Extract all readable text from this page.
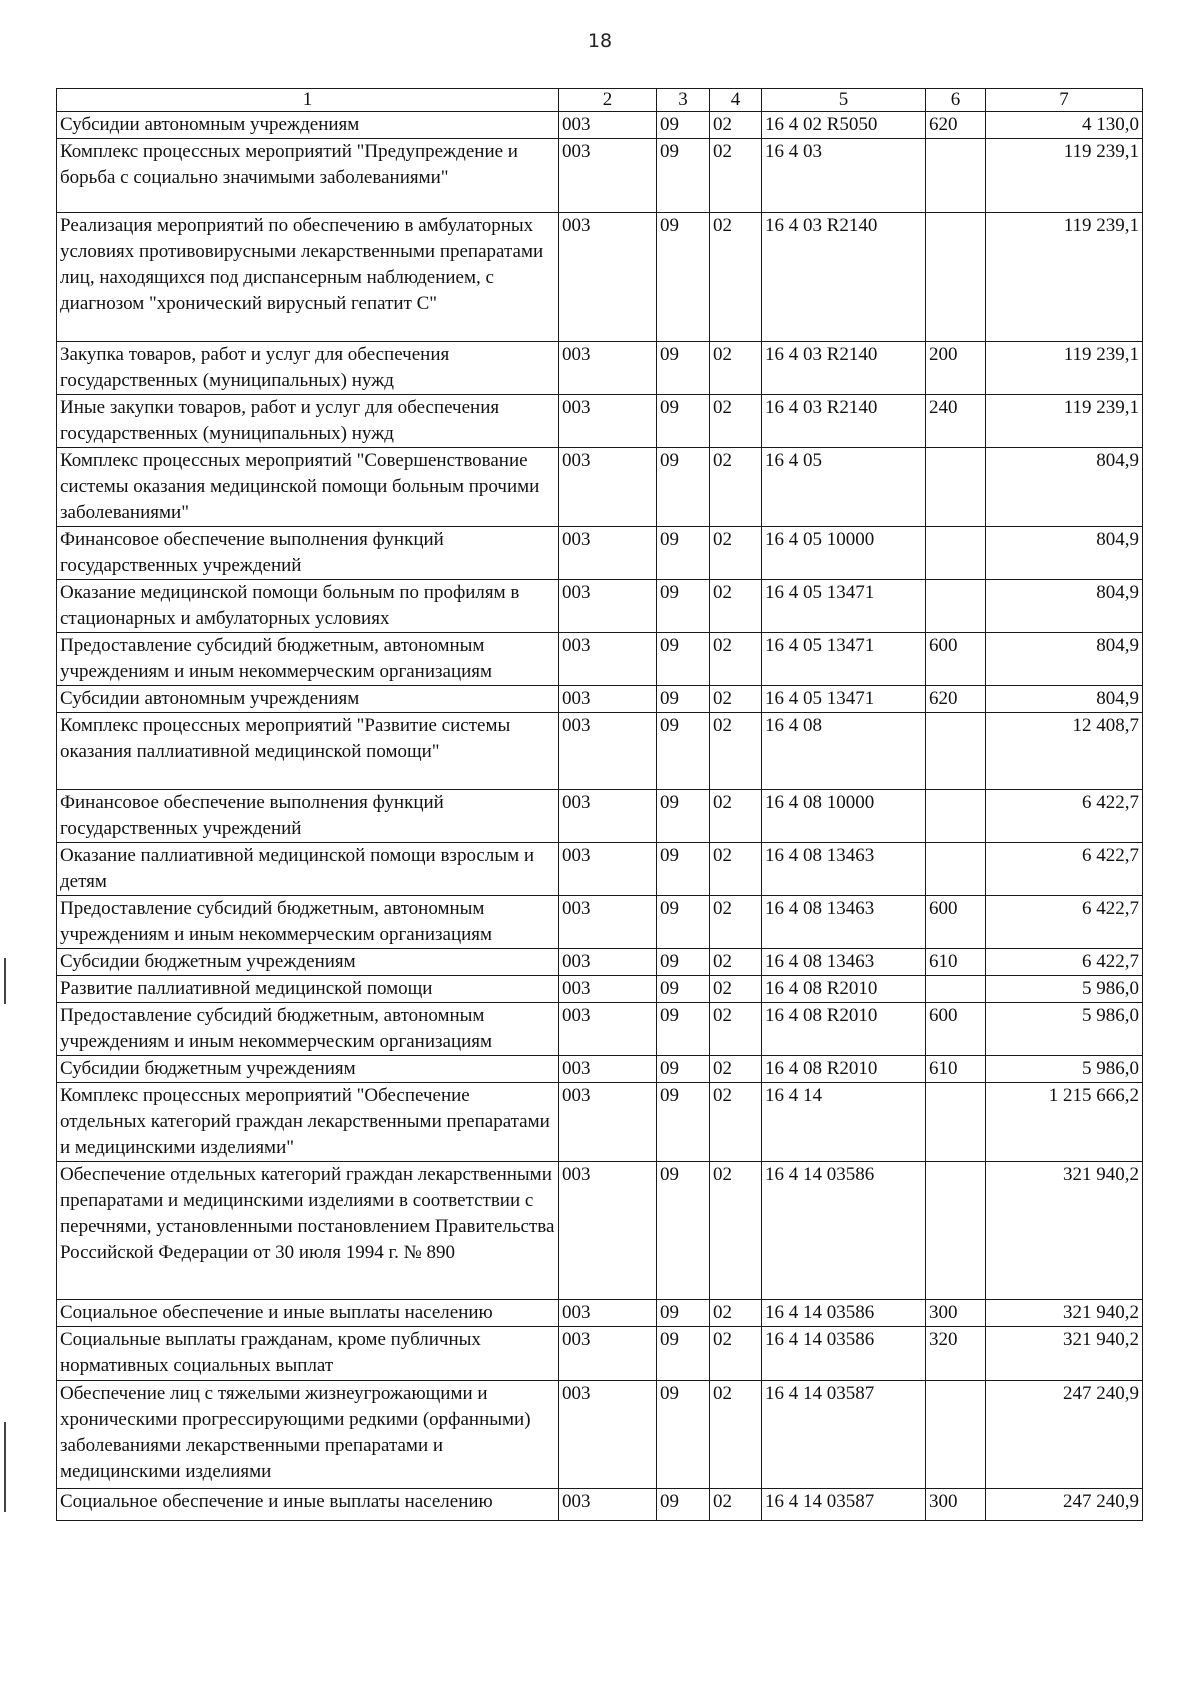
18
1	2	3	4	5	6	7
Субсидии автономным учреждениям	003	09	02	16 4 02 R5050	620	4 130,0
Комплекс процессных мероприятий "Предупреждение и борьба с социально значимыми заболеваниями"	003	09	02	16 4 03		119 239,1
Реализация мероприятий по обеспечению в амбулаторных условиях противовирусными лекарственными препаратами лиц, находящихся под диспансерным наблюдением, с диагнозом "хронический вирусный гепатит С"	003	09	02	16 4 03 R2140		119 239,1
Закупка товаров, работ и услуг для обеспечения государственных (муниципальных) нужд	003	09	02	16 4 03 R2140	200	119 239,1
Иные закупки товаров, работ и услуг для обеспечения государственных (муниципальных) нужд	003	09	02	16 4 03 R2140	240	119 239,1
Комплекс процессных мероприятий "Совершенствование системы оказания медицинской помощи больным прочими заболеваниями"	003	09	02	16 4 05		804,9
Финансовое обеспечение выполнения функций государственных учреждений	003	09	02	16 4 05 10000		804,9
Оказание медицинской помощи больным по профилям в стационарных и амбулаторных условиях	003	09	02	16 4 05 13471		804,9
Предоставление субсидий бюджетным, автономным учреждениям и иным некоммерческим организациям	003	09	02	16 4 05 13471	600	804,9
Субсидии автономным учреждениям	003	09	02	16 4 05 13471	620	804,9
Комплекс процессных мероприятий "Развитие системы оказания паллиативной медицинской помощи"	003	09	02	16 4 08		12 408,7
Финансовое обеспечение выполнения функций государственных учреждений	003	09	02	16 4 08 10000		6 422,7
Оказание паллиативной медицинской помощи взрослым и детям	003	09	02	16 4 08 13463		6 422,7
Предоставление субсидий бюджетным, автономным учреждениям и иным некоммерческим организациям	003	09	02	16 4 08 13463	600	6 422,7
Субсидии бюджетным учреждениям	003	09	02	16 4 08 13463	610	6 422,7
Развитие паллиативной медицинской помощи	003	09	02	16 4 08 R2010		5 986,0
Предоставление субсидий бюджетным, автономным учреждениям и иным некоммерческим организациям	003	09	02	16 4 08 R2010	600	5 986,0
Субсидии бюджетным учреждениям	003	09	02	16 4 08 R2010	610	5 986,0
Комплекс процессных мероприятий "Обеспечение отдельных категорий граждан лекарственными препаратами и медицинскими изделиями"	003	09	02	16 4 14		1 215 666,2
Обеспечение отдельных категорий граждан лекарственными препаратами и медицинскими изделиями в соответствии с перечнями, установленными постановлением Правительства Российской Федерации от 30 июля 1994 г. № 890	003	09	02	16 4 14 03586		321 940,2
Социальное обеспечение и иные выплаты населению	003	09	02	16 4 14 03586	300	321 940,2
Социальные выплаты гражданам, кроме публичных нормативных социальных выплат	003	09	02	16 4 14 03586	320	321 940,2
Обеспечение лиц с тяжелыми жизнеугрожающими и хроническими прогрессирующими редкими (орфанными) заболеваниями лекарственными препаратами и медицинскими изделиями	003	09	02	16 4 14 03587		247 240,9
Социальное обеспечение и иные выплаты населению	003	09	02	16 4 14 03587	300	247 240,9
